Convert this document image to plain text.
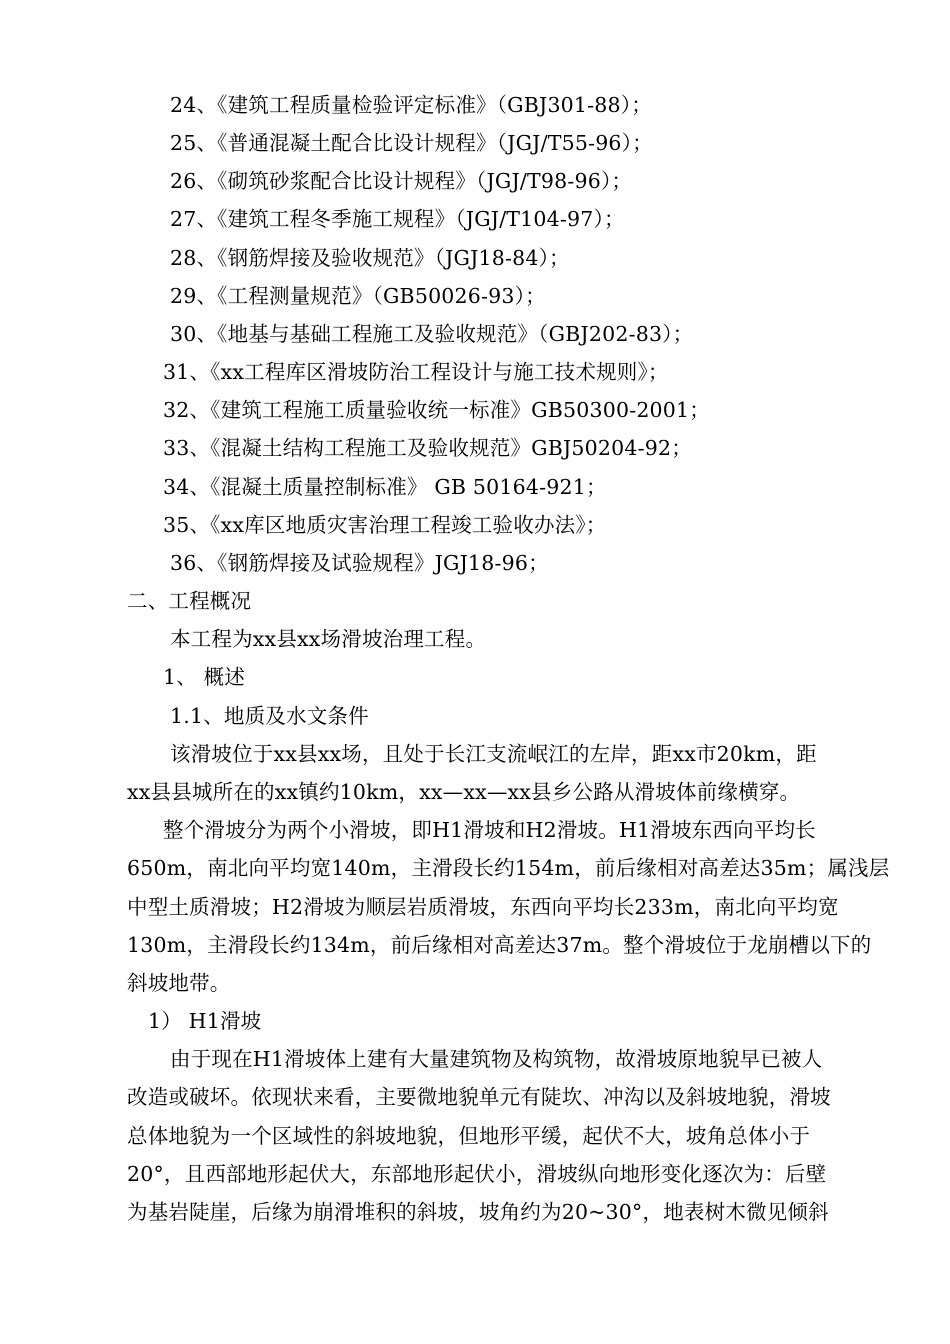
24、《建筑工程质量检验评定标准》（GBJ301-88）；
25、《普通混凝土配合比设计规程》（JGJ/T55-96）；
26、《砌筑砂浆配合比设计规程》（JGJ/T98-96）；
27、《建筑工程冬季施工规程》（JGJ/T104-97）；
28、《钢筋焊接及验收规范》（JGJ18-84）；
29、《工程测量规范》（GB50026-93）；
30、《地基与基础工程施工及验收规范》（GBJ202-83）；
31、《xx工程库区滑坡防治工程设计与施工技术规则》；
32、《建筑工程施工质量验收统一标准》GB50300-2001；
33、《混凝土结构工程施工及验收规范》GBJ50204-92；
34、《混凝土质量控制标准》 GB 50164-921；
35、《xx库区地质灾害治理工程竣工验收办法》；
36、《钢筋焊接及试验规程》JGJ18-96；
二、工程概况
本工程为xx县xx场滑坡治理工程。
1、 概述
1.1、地质及水文条件
该滑坡位于xx县xx场，且处于长江支流岷江的左岸，距xx市20km，距
xx县县城所在的xx镇约10km，xx—xx—xx县乡公路从滑坡体前缘横穿。
整个滑坡分为两个小滑坡，即H1滑坡和H2滑坡。H1滑坡东西向平均长
650m，南北向平均宽140m，主滑段长约154m，前后缘相对高差达35m；属浅层
中型土质滑坡；H2滑坡为顺层岩质滑坡，东西向平均长233m，南北向平均宽
130m，主滑段长约134m，前后缘相对高差达37m。整个滑坡位于龙崩槽以下的
斜坡地带。
1） H1滑坡
由于现在H1滑坡体上建有大量建筑物及构筑物，故滑坡原地貌早已被人
改造或破坏。依现状来看，主要微地貌单元有陡坎、冲沟以及斜坡地貌，滑坡
总体地貌为一个区域性的斜坡地貌，但地形平缓，起伏不大，坡角总体小于
20°，且西部地形起伏大，东部地形起伏小，滑坡纵向地形变化逐次为：后壁
为基岩陡崖，后缘为崩滑堆积的斜坡，坡角约为20~30°，地表树木微见倾斜
